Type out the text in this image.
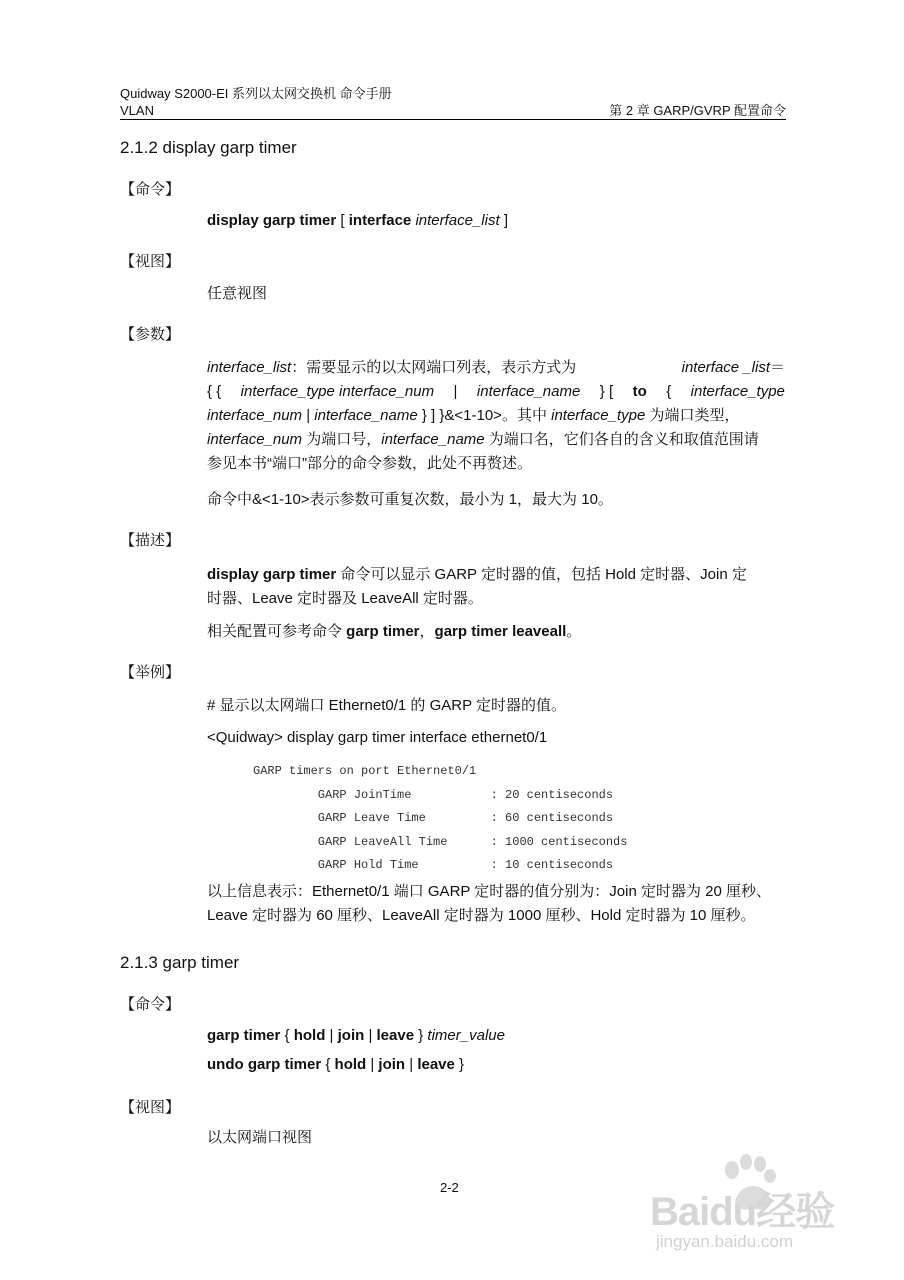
Quidway S2000-EI 系列以太网交换机 命令手册
VLAN	第 2 章 GARP/GVRP 配置命令
2.1.2 display garp timer
【命令】
display garp timer [ interface interface_list ]
【视图】
任意视图
【参数】
interface_list：需要显示的以太网端口列表，表示方式为	interface _list＝
{ { interface_type interface_num | interface_name } [ to { interface_type
interface_num | interface_name } ] }&<1-10>。其中 interface_type 为端口类型，
interface_num 为端口号，interface_name 为端口名，它们各自的含义和取值范围请
参见本书“端口”部分的命令参数，此处不再赘述。
命令中&<1-10>表示参数可重复次数，最小为 1，最大为 10。
【描述】
display garp timer 命令可以显示 GARP 定时器的值，包括 Hold 定时器、Join 定
时器、Leave 定时器及 LeaveAll 定时器。
相关配置可参考命令 garp timer，garp timer leaveall。
【举例】
# 显示以太网端口 Ethernet0/1 的 GARP 定时器的值。
<Quidway> display garp timer interface ethernet0/1
GARP timers on port Ethernet0/1
GARP JoinTime           : 20 centiseconds
GARP Leave Time         : 60 centiseconds
GARP LeaveAll Time      : 1000 centiseconds
GARP Hold Time          : 10 centiseconds
以上信息表示：Ethernet0/1 端口 GARP 定时器的值分别为：Join 定时器为 20 厘秒、
Leave 定时器为 60 厘秒、LeaveAll 定时器为 1000 厘秒、Hold 定时器为 10 厘秒。
2.1.3 garp timer
【命令】
garp timer { hold | join | leave } timer_value
undo garp timer { hold | join | leave }
【视图】
以太网端口视图
2-2
Baidu经验
jingyan.baidu.com
